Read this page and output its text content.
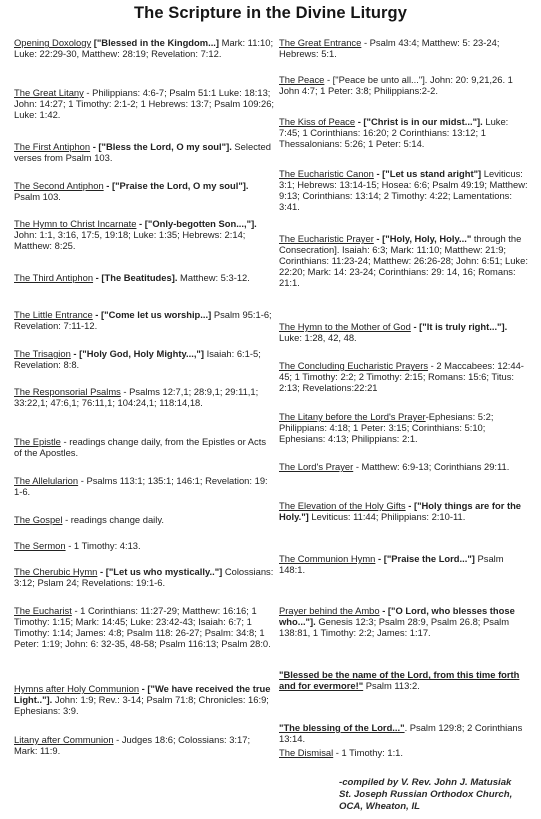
The Scripture in the Divine Liturgy
Opening Doxology ["Blessed in the Kingdom...] Mark: 11:10; Luke: 22:29-30, Matthew: 28:19; Revelation: 7:12.
The Great Litany - Philippians: 4:6-7; Psalm 51:1 Luke: 18:13; John: 14:27; 1 Timothy: 2:1-2; 1 Hebrews: 13:7; Psalm 109:26; Luke: 1:42.
The First Antiphon - ["Bless the Lord, O my soul"]. Selected verses from Psalm 103.
The Second Antiphon - ["Praise the Lord, O my soul"]. Psalm 103.
The Hymn to Christ Incarnate - ["Only-begotten Son...,"]. John: 1:1, 3:16, 17:5, 19:18; Luke: 1:35; Hebrews: 2:14; Matthew: 8:25.
The Third Antiphon - [The Beatitudes]. Matthew: 5:3-12.
The Little Entrance - ["Come let us worship...] Psalm 95:1-6; Revelation: 7:11-12.
The Trisagion - ["Holy God, Holy Mighty...,"] Isaiah: 6:1-5; Revelation: 8:8.
The Responsorial Psalms - Psalms 12:7,1; 28:9,1; 29:11,1; 33:22,1; 47:6,1; 76:11,1; 104:24,1; 118:14,18.
The Epistle - readings change daily, from the Epistles or Acts of the Apostles.
The Allelularion - Psalms 113:1; 135:1; 146:1; Revelation: 19: 1-6.
The Gospel - readings change daily.
The Sermon - 1 Timothy: 4:13.
The Cherubic Hymn - ["Let us who mystically.."] Colossians: 3:12; Pslam 24; Revelations: 19:1-6.
The Eucharist - 1 Corinthians: 11:27-29; Matthew: 16:16; 1 Timothy: 1:15; Mark: 14:45; Luke: 23:42-43; Isaiah: 6:7; 1 Timothy: 1:14; James: 4:8; Psalm 118: 26-27; Psalm: 34:8; 1 Peter: 1:19; John: 6: 32-35, 48-58; Psalm 116:13; Psalm 28:0.
Hymns after Holy Communion - ["We have received the true Light.."]. John: 1:9; Rev.: 3-14; Psalm 71:8; Chronicles: 16:9; Ephesians: 3:9.
Litany after Communion - Judges 18:6; Colossians: 3:17; Mark: 11:9.
The Great Entrance - Psalm 43:4; Matthew: 5: 23-24; Hebrews: 5:1.
The Peace - ["Peace be unto all..."]. John: 20: 9,21,26. 1 John 4:7; 1 Peter: 3:8; Philippians:2-2.
The Kiss of Peace - ["Christ is in our midst..."]. Luke: 7:45; 1 Corinthians: 16:20; 2 Corinthians: 13:12; 1 Thessalonians: 5:26; 1 Peter: 5:14.
The Eucharistic Canon - ["Let us stand aright"] Leviticus: 3:1; Hebrews: 13:14-15; Hosea: 6:6; Psalm 49:19; Matthew: 9:13; Corinthians: 13:14; 2 Timothy: 4:22; Lamentations: 3:41.
The Eucharistic Prayer - ["Holy, Holy, Holy..." through the Consecration]. Isaiah: 6:3; Mark: 11:10; Matthew: 21:9; Corinthians: 11:23-24; Matthew: 26:26-28; John: 6:51; Luke: 22:20; Mark: 14: 23-24; Corinthians: 29: 14, 16; Romans: 21:1.
The Hymn to the Mother of God - ["It is truly right..."]. Luke: 1:28, 42, 48.
The Concluding Eucharistic Prayers - 2 Maccabees: 12:44-45; 1 Timothy: 2:2; 2 Timothy: 2:15; Romans: 15:6; Titus: 2:13; Revelations:22:21
The Litany before the Lord's Prayer-Ephesians: 5:2; Philippians: 4:18; 1 Peter: 3:15; Corinthians: 5:10; Ephesians: 4:13; Philippians: 2:1.
The Lord's Prayer - Matthew: 6:9-13; Corinthians 29:11.
The Elevation of the Holy Gifts - ["Holy things are for the Holy."] Leviticus: 11:44; Philippians: 2:10-11.
The Communion Hymn - ["Praise the Lord..."] Psalm 148:1.
Prayer behind the Ambo - ["O Lord, who blesses those who..."]. Genesis 12:3; Psalm 28:9, Psalm 26.8; Psalm 138:81, 1 Timothy: 2:2; James: 1:17.
"Blessed be the name of the Lord, from this time forth and for evermore!" Psalm 113:2.
"The blessing of the Lord...". Psalm 129:8; 2 Corinthians 13:14.
The Dismisal - 1 Timothy: 1:1.
-compiled by V. Rev. John J. Matusiak
St. Joseph Russian Orthodox Church,
OCA, Wheaton, IL
